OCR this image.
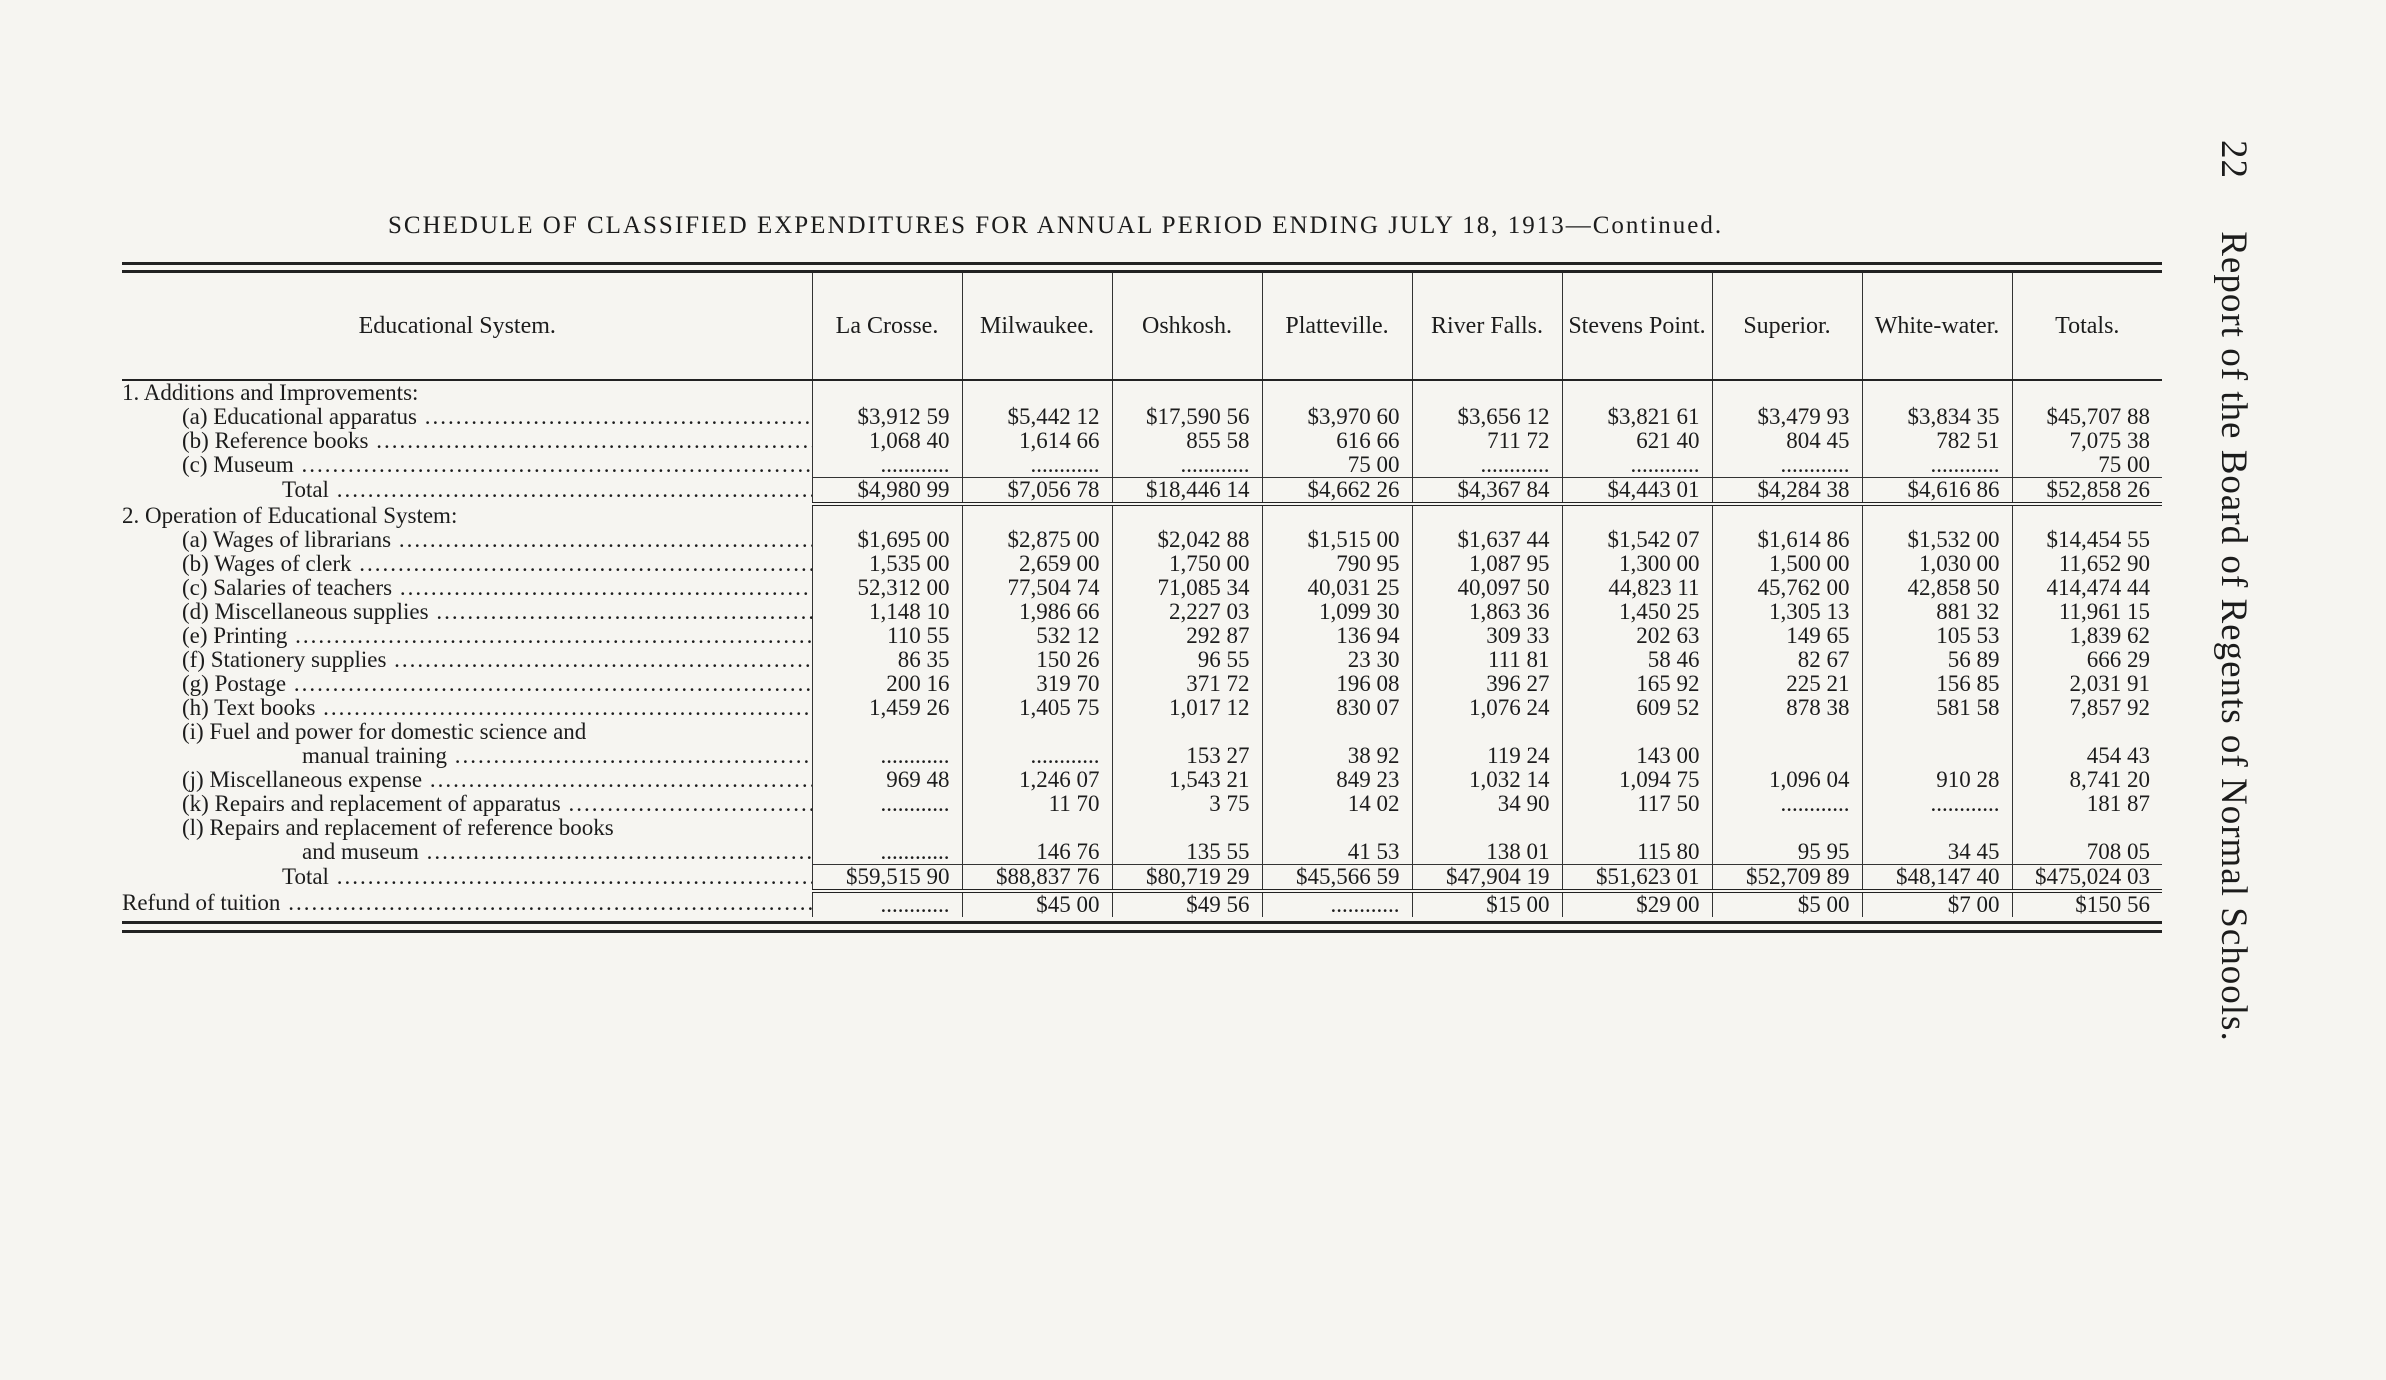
SCHEDULE OF CLASSIFIED EXPENDITURES FOR ANNUAL PERIOD ENDING JULY 18, 1913—Continued.
22 Report of the Board of Regents of Normal Schools.
Educational System.	La Crosse.	Milwaukee.	Oshkosh.	Platteville.	River Falls.	Stevens Point.	Superior.	White-water.	Totals.
1. Additions and Improvements:									
(a) Educational apparatus .....	$3,912 59	$5,442 12	$17,590 56	$3,970 60	$3,656 12	$3,821 61	$3,479 93	$3,834 35	$45,707 88
(b) Reference books .....	1,068 40	1,614 66	855 58	616 66	711 72	621 40	804 45	782 51	7,075 38
(c) Museum .....	............	............	............	75 00	............	............	............	............	75 00
Total .....	$4,980 99	$7,056 78	$18,446 14	$4,662 26	$4,367 84	$4,443 01	$4,284 38	$4,616 86	$52,858 26
2. Operation of Educational System:									
(a) Wages of librarians .....	$1,695 00	$2,875 00	$2,042 88	$1,515 00	$1,637 44	$1,542 07	$1,614 86	$1,532 00	$14,454 55
(b) Wages of clerk .....	1,535 00	2,659 00	1,750 00	790 95	1,087 95	1,300 00	1,500 00	1,030 00	11,652 90
(c) Salaries of teachers .....	52,312 00	77,504 74	71,085 34	40,031 25	40,097 50	44,823 11	45,762 00	42,858 50	414,474 44
(d) Miscellaneous supplies .....	1,148 10	1,986 66	2,227 03	1,099 30	1,863 36	1,450 25	1,305 13	881 32	11,961 15
(e) Printing .....	110 55	532 12	292 87	136 94	309 33	202 63	149 65	105 53	1,839 62
(f) Stationery supplies .....	86 35	150 26	96 55	23 30	111 81	58 46	82 67	56 89	666 29
(g) Postage .....	200 16	319 70	371 72	196 08	396 27	165 92	225 21	156 85	2,031 91
(h) Text books .....	1,459 26	1,405 75	1,017 12	830 07	1,076 24	609 52	878 38	581 58	7,857 92
(i) Fuel and power for domestic science and									
manual training .....	............	............	153 27	38 92	119 24	143 00			454 43
(j) Miscellaneous expense .....	969 48	1,246 07	1,543 21	849 23	1,032 14	1,094 75	1,096 04	910 28	8,741 20
(k) Repairs and replacement of apparatus .....	............	11 70	3 75	14 02	34 90	117 50	............	............	181 87
(l) Repairs and replacement of reference books									
and museum .....	............	146 76	135 55	41 53	138 01	115 80	95 95	34 45	708 05
Total .....	$59,515 90	$88,837 76	$80,719 29	$45,566 59	$47,904 19	$51,623 01	$52,709 89	$48,147 40	$475,024 03
Refund of tuition .....	............	$45 00	$49 56	............	$15 00	$29 00	$5 00	$7 00	$150 56
